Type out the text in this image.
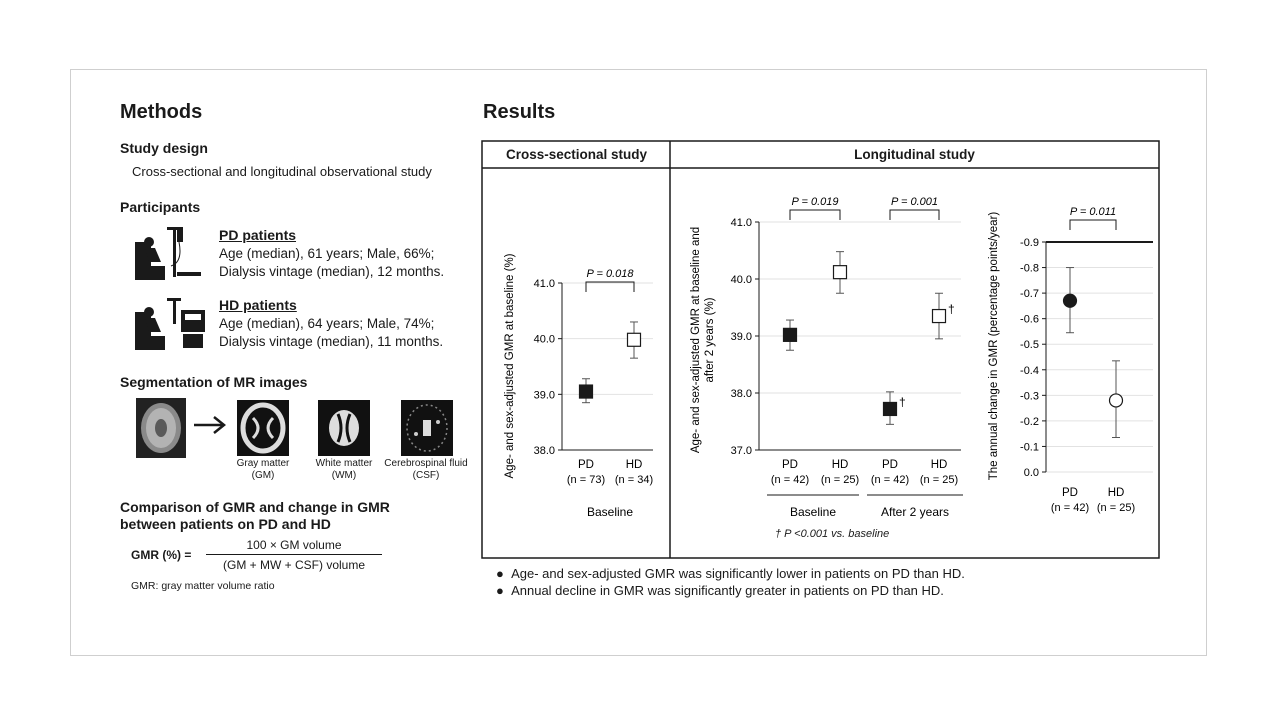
Methods
Study design
Cross-sectional and longitudinal observational study
Participants
PD patients
Age (median), 61 years; Male, 66%;
Dialysis vintage (median), 12 months.
HD patients
Age (median), 64 years; Male, 74%;
Dialysis vintage (median), 11 months.
Segmentation of MR images
Gray matter
(GM)
White matter
(WM)
Cerebrospinal fluid
(CSF)
Comparison of GMR and change in GMR
between patients on PD and HD
GMR (%) =
100 × GM volume
(GM + MW + CSF) volume
GMR: gray matter volume ratio
Results
Cross-sectional study	Longitudinal study
38.0
39.0
40.0
41.0
PD
(n = 73)
HD
(n = 34)
P = 0.018
Age- and sex-adjusted GMR at baseline (%)
Baseline
37.0
38.0
39.0
40.0
41.0
PD
(n = 42)
HD
(n = 25)
†
PD
(n = 42)
†
HD
(n = 25)
P = 0.019	P = 0.001
Age- and sex-adjusted GMR at baseline and after 2 years (%)
Baseline	After 2 years
† P <0.001 vs. baseline
0.0
-0.1
-0.2
-0.3
-0.4
-0.5
-0.6
-0.7
-0.8
-0.9
PD
(n = 42)
HD
(n = 25)
P = 0.011
The annual change in GMR (percentage points/year)
●  Age- and sex-adjusted GMR was significantly lower in patients on PD than HD.
●  Annual decline in GMR was significantly greater in patients on PD than HD.
